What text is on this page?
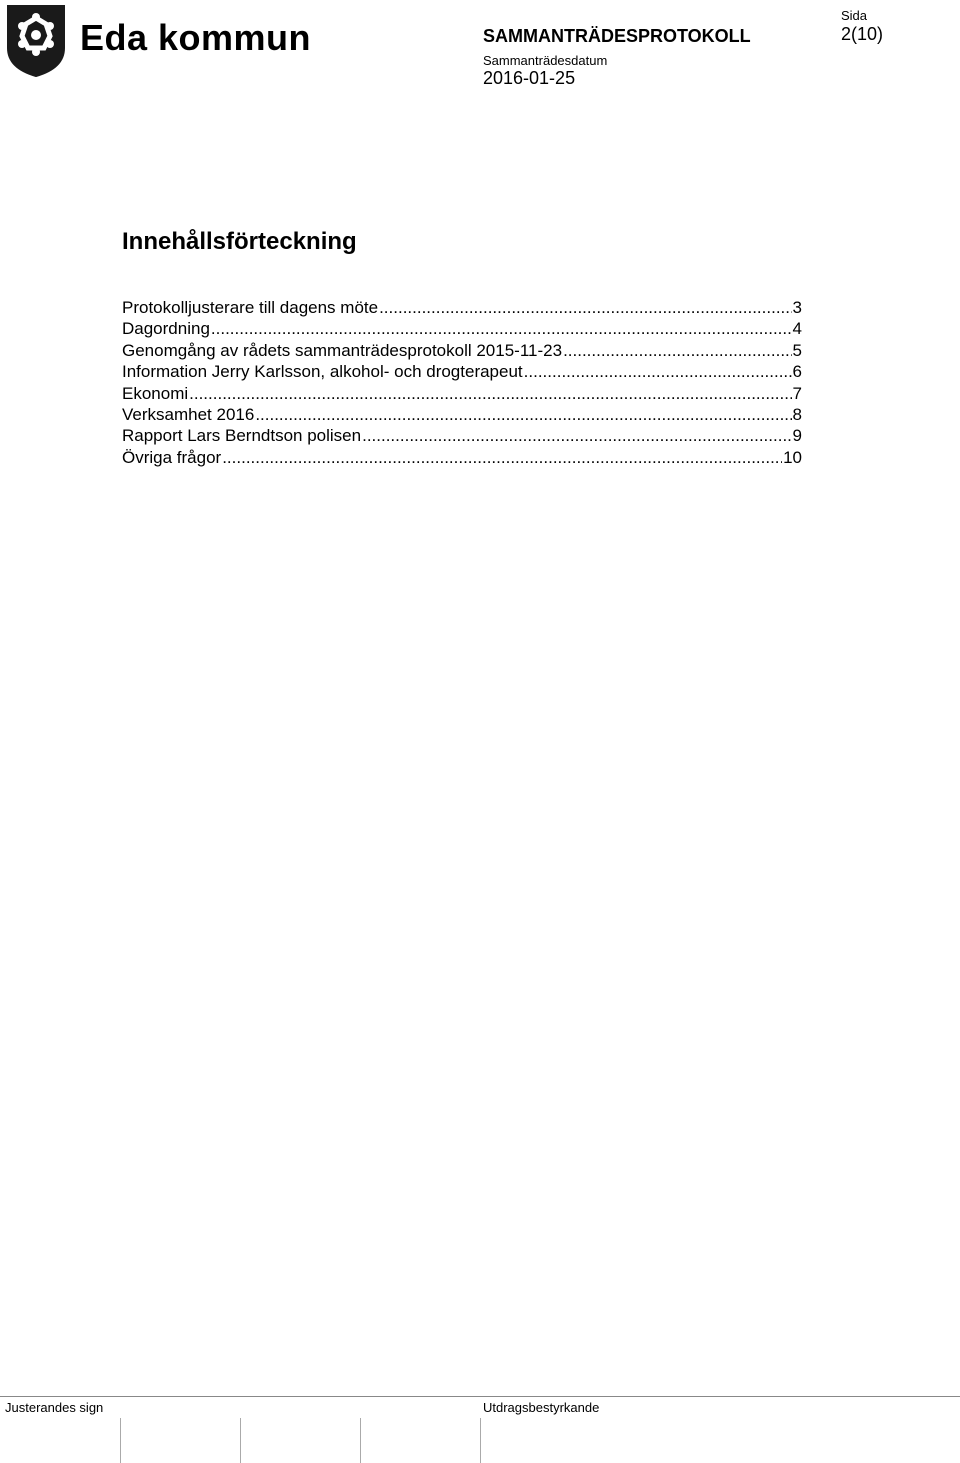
Eda kommun	SAMMANTRÄDESPROTOKOLL
Sammanträdesdatum
2016-01-25
Sida
2(10)
Innehållsförteckning
Protokolljusterare till dagens möte .....	3
Dagordning .....	4
Genomgång av rådets sammanträdesprotokoll 2015-11-23 .....	5
Information Jerry Karlsson, alkohol- och drogterapeut .....	6
Ekonomi .....	7
Verksamhet 2016 .....	8
Rapport Lars Berndtson polisen .....	9
Övriga frågor .....	10
Justerandes sign	Utdragsbestyrkande
